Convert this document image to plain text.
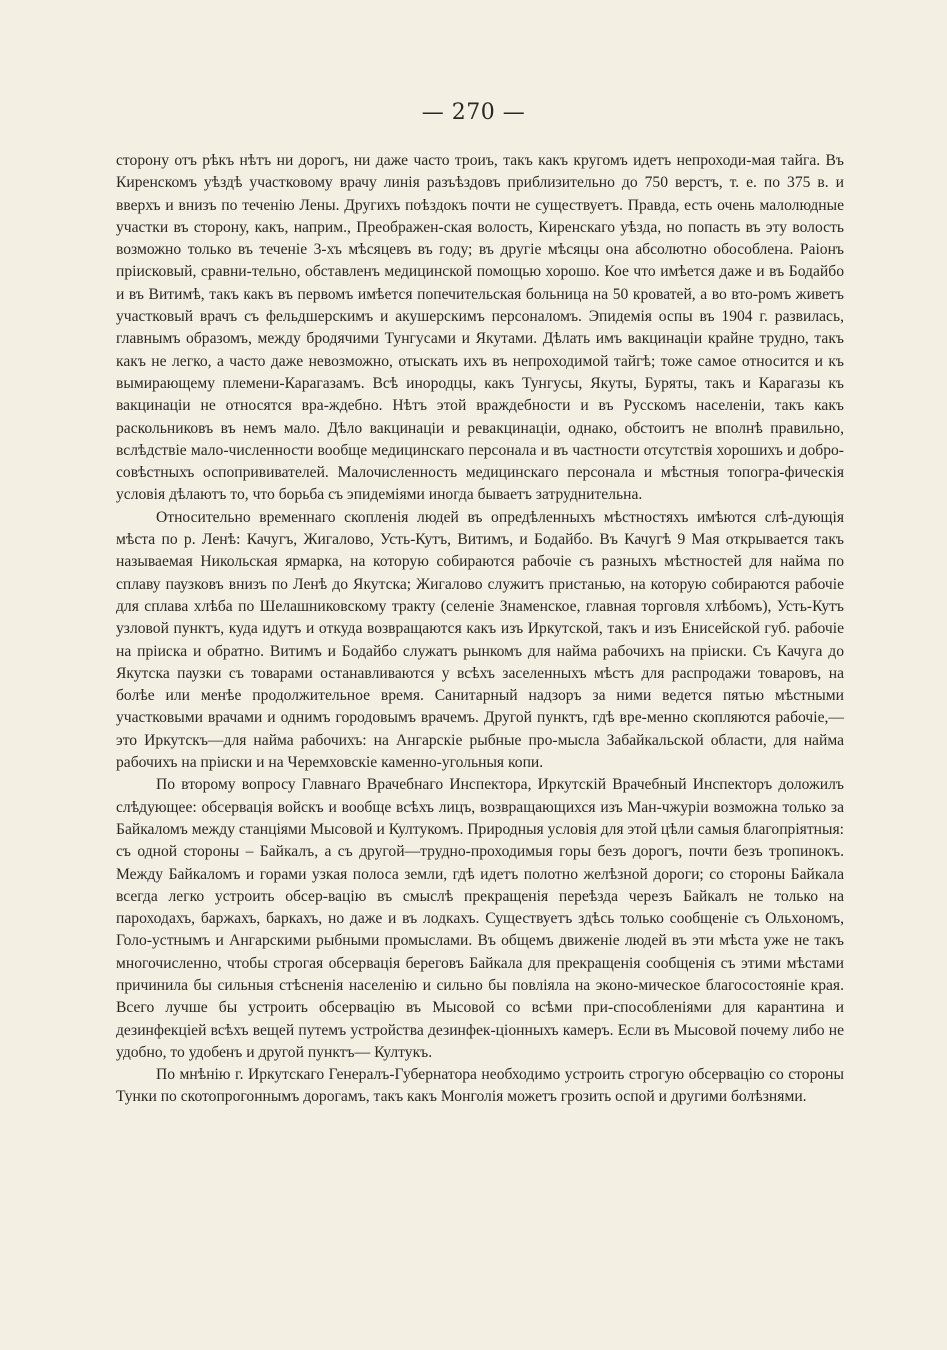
— 270 —

сторону отъ рѣкъ нѣтъ ни дорогъ, ни даже часто троиъ, такъ какъ кругомъ идетъ непроходи-мая тайга. Въ Киренскомъ уѣздѣ участковому врачу линія разъѣздовъ приблизительно до 750 верстъ, т. е. по 375 в. и вверхъ и внизъ по теченію Лены. Другихъ поѣздокъ почти не существуетъ. Правда, есть очень малолюдные участки въ сторону, какъ, наприм., Преображен-ская волость, Киренскаго уѣзда, но попасть въ эту волость возможно только въ теченіе 3-хъ мѣсяцевъ въ году; въ другіе мѣсяцы она абсолютно обособлена. Раіонъ пріисковый, сравни-тельно, обставленъ медицинской помощью хорошо. Кое что имѣется даже и въ Бодайбо и въ Витимѣ, такъ какъ въ первомъ имѣется попечительская больница на 50 кроватей, а во вто-ромъ живетъ участковый врачъ съ фельдшерскимъ и акушерскимъ персоналомъ. Эпидемія оспы въ 1904 г. развилась, главнымъ образомъ, между бродячими Тунгусами и Якутами. Дѣлать имъ вакцинаціи крайне трудно, такъ какъ не легко, а часто даже невозможно, отыскать ихъ въ непроходимой тайгѣ; тоже самое относится и къ вымирающему племени-Карагазамъ. Всѣ инородцы, какъ Тунгусы, Якуты, Буряты, такъ и Карагазы къ вакцинаціи не относятся вра-ждебно. Нѣтъ этой враждебности и въ Русскомъ населеніи, такъ какъ раскольниковъ въ немъ мало. Дѣло вакцинаціи и ревакцинаціи, однако, обстоитъ не вполнѣ правильно, вслѣдствіе мало-численности вообще медицинскаго персонала и въ частности отсутствія хорошихъ и добро-совѣстныхъ оспопрививателей. Малочисленность медицинскаго персонала и мѣстныя топогра-фическія условія дѣлаютъ то, что борьба съ эпидеміями иногда бываетъ затруднительна.

Относительно временнаго скопленія людей въ опредѣленныхъ мѣстностяхъ имѣются слѣ-дующія мѣста по р. Ленѣ: Качугъ, Жигалово, Усть-Кутъ, Витимъ, и Бодайбо. Въ Качугѣ 9 Мая открывается такъ называемая Никольская ярмарка, на которую собираются рабочіе съ разныхъ мѣстностей для найма по сплаву паузковъ внизъ по Ленѣ до Якутска; Жигалово служитъ пристанью, на которую собираются рабочіе для сплава хлѣба по Шелашниковскому тракту (селеніе Знаменское, главная торговля хлѣбомъ), Усть-Кутъ узловой пунктъ, куда идутъ и откуда возвращаются какъ изъ Иркутской, такъ и изъ Енисейской губ. рабочіе на пріиска и обратно. Витимъ и Бодайбо служатъ рынкомъ для найма рабочихъ на пріиски. Съ Качуга до Якутска паузки съ товарами останавливаются у всѣхъ заселенныхъ мѣстъ для распродажи товаровъ, на болѣе или менѣе продолжительное время. Санитарный надзоръ за ними ведется пятью мѣстными участковыми врачами и однимъ городовымъ врачемъ. Другой пунктъ, гдѣ вре-менно скопляются рабочіе,—это Иркутскъ—для найма рабочихъ: на Ангарскіе рыбные про-мысла Забайкальской области, для найма рабочихъ на пріиски и на Черемховскіе каменно-угольныя копи.

По второму вопросу Главнаго Врачебнаго Инспектора, Иркутскій Врачебный Инспекторъ доложилъ слѣдующее: обсервація войскъ и вообще всѣхъ лицъ, возвращающихся изъ Ман-чжуріи возможна только за Байкаломъ между станціями Мысовой и Култукомъ. Природныя условія для этой цѣли самыя благопріятныя: съ одной стороны – Байкалъ, а съ другой—трудно-проходимыя горы безъ дорогъ, почти безъ тропинокъ. Между Байкаломъ и горами узкая полоса земли, гдѣ идетъ полотно желѣзной дороги; со стороны Байкала всегда легко устроить обсер-вацію въ смыслѣ прекращенія переѣзда черезъ Байкалъ не только на пароходахъ, баржахъ, баркахъ, но даже и въ лодкахъ. Существуетъ здѣсь только сообщеніе съ Ольхономъ, Голо-устнымъ и Ангарскими рыбными промыслами. Въ общемъ движеніе людей въ эти мѣста уже не такъ многочисленно, чтобы строгая обсервація береговъ Байкала для прекращенія сообщенія съ этими мѣстами причинила бы сильныя стѣсненія населенію и сильно бы повліяла на эконо-мическое благосостояніе края. Всего лучше бы устроить обсервацію въ Мысовой со всѣми при-способленіями для карантина и дезинфекціей всѣхъ вещей путемъ устройства дезинфек-ціонныхъ камеръ. Если въ Мысовой почему либо не удобно, то удобенъ и другой пунктъ— Култукъ.

По мнѣнію г. Иркутскаго Генералъ-Губернатора необходимо устроить строгую обсервацію со стороны Тунки по скотопрогоннымъ дорогамъ, такъ какъ Монголія можетъ грозить оспой и другими болѣзнями.
